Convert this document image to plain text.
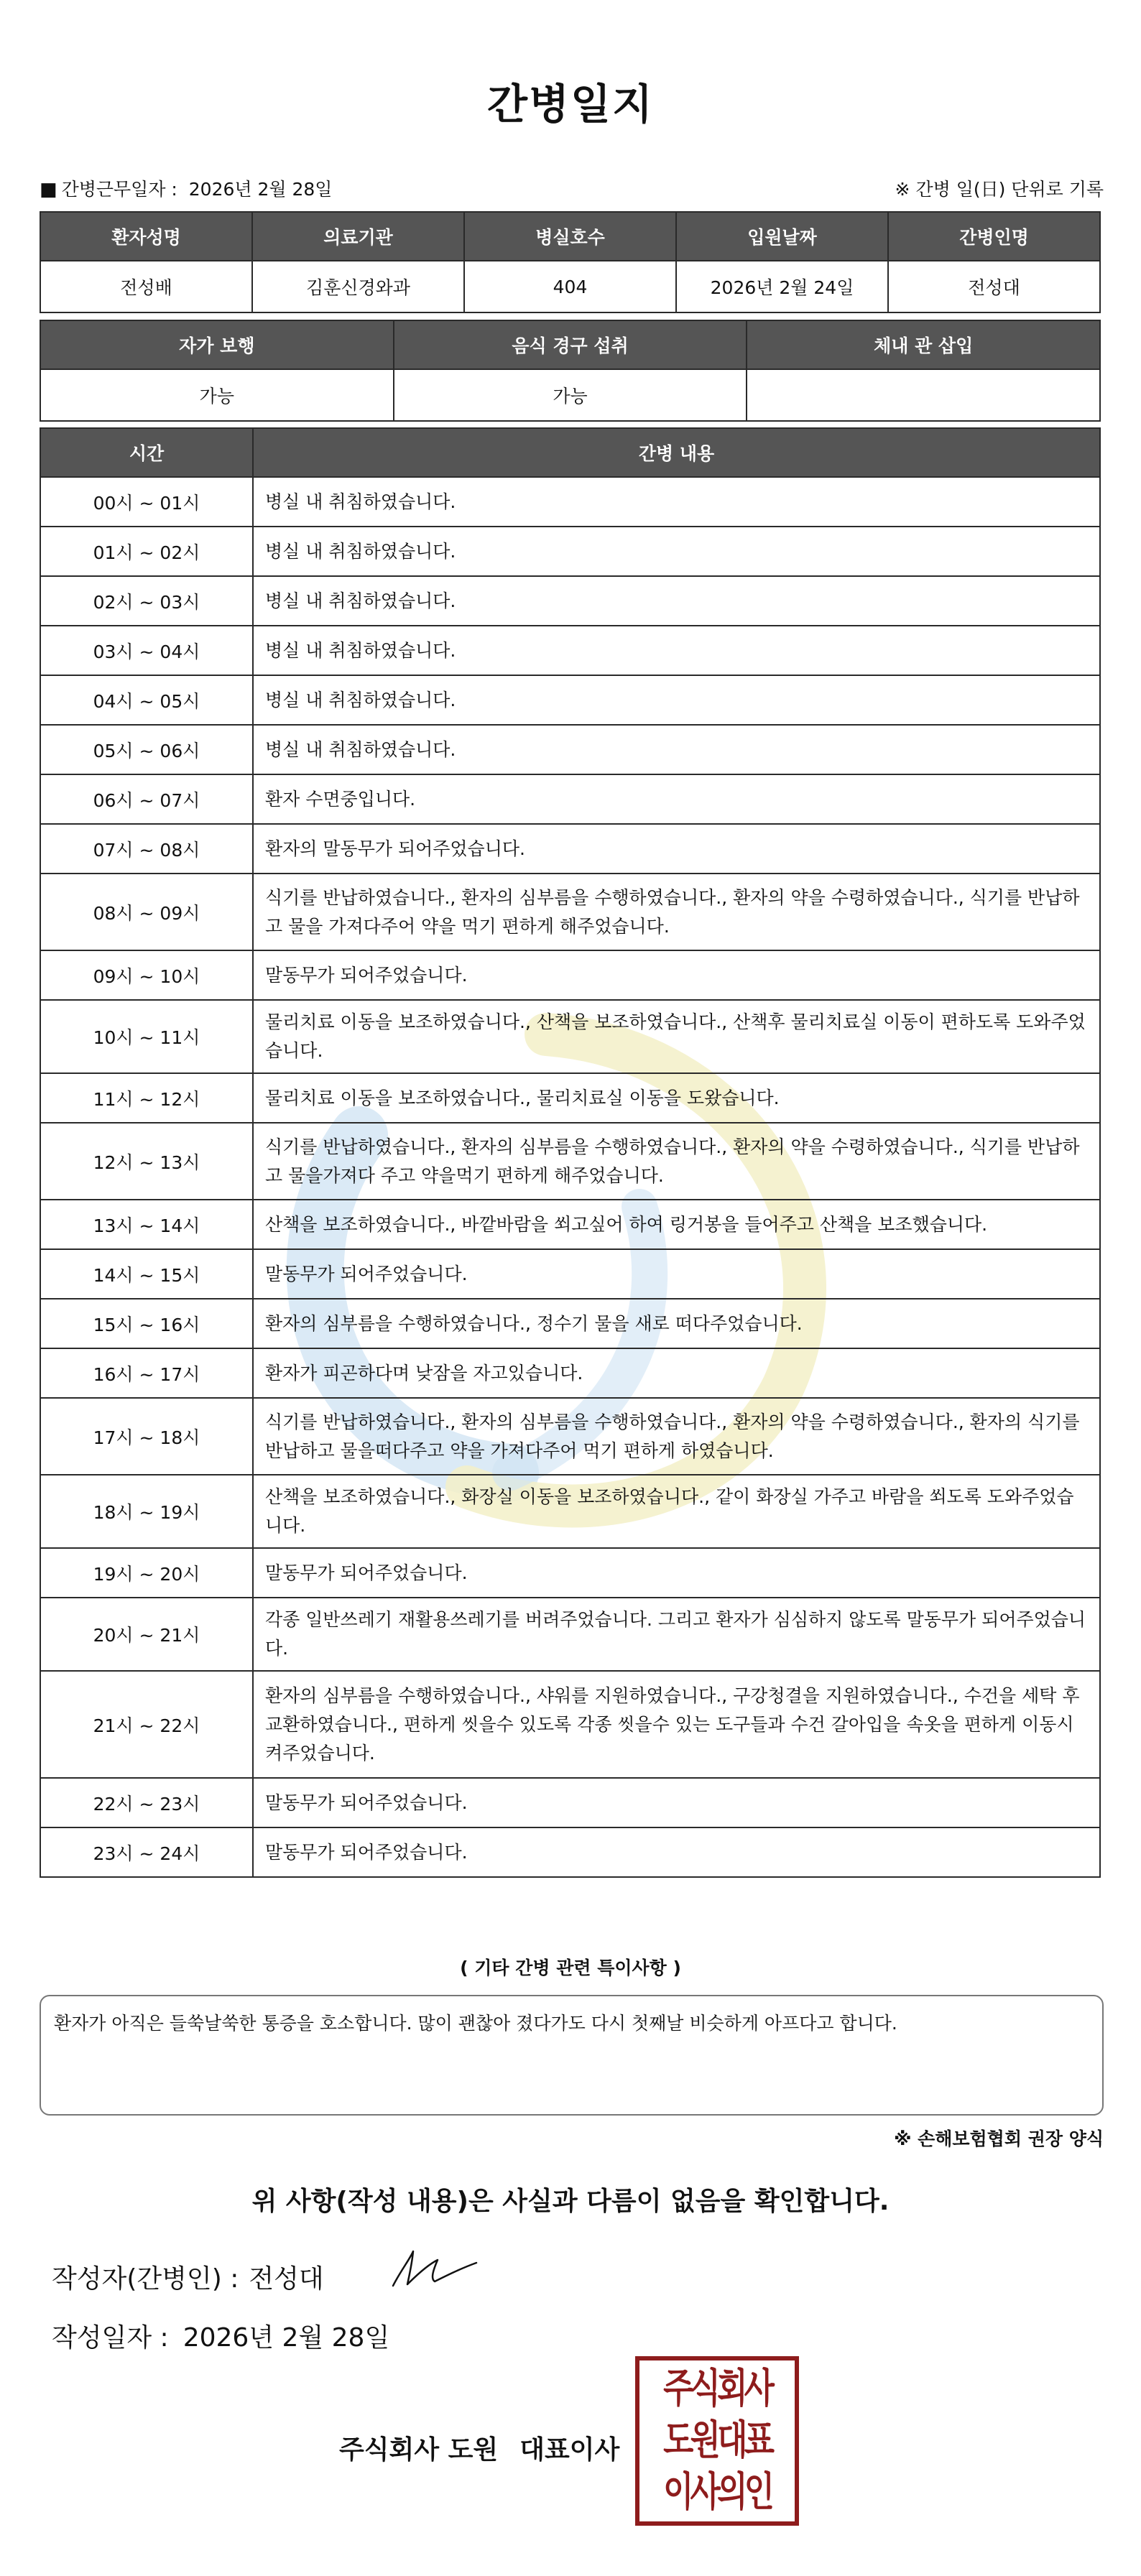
간병일지
■ 간병근무일자 : 2026년 2월 28일	※ 간병 일(日) 단위로 기록
환자성명	의료기관	병실호수	입원날짜	간병인명
전성배	김훈신경와과	404	2026년 2월 24일	전성대
자가 보행	음식 경구 섭취	체내 관 삽입
가능	가능	
시간	간병 내용
00시 ~ 01시	병실 내 취침하였습니다.
01시 ~ 02시	병실 내 취침하였습니다.
02시 ~ 03시	병실 내 취침하였습니다.
03시 ~ 04시	병실 내 취침하였습니다.
04시 ~ 05시	병실 내 취침하였습니다.
05시 ~ 06시	병실 내 취침하였습니다.
06시 ~ 07시	환자 수면중입니다.
07시 ~ 08시	환자의 말동무가 되어주었습니다.
08시 ~ 09시	식기를 반납하였습니다., 환자의 심부름을 수행하였습니다., 환자의 약을 수령하였습니다., 식기를 반납하고 물을 가져다주어 약을 먹기 편하게 해주었습니다.
09시 ~ 10시	말동무가 되어주었습니다.
10시 ~ 11시	물리치료 이동을 보조하였습니다., 산책을 보조하였습니다., 산책후 물리치료실 이동이 편하도록 도와주었습니다.
11시 ~ 12시	물리치료 이동을 보조하였습니다., 물리치료실 이동을 도왔습니다.
12시 ~ 13시	식기를 반납하였습니다., 환자의 심부름을 수행하였습니다., 환자의 약을 수령하였습니다., 식기를 반납하고 물을가져다 주고 약을먹기 편하게 해주었습니다.
13시 ~ 14시	산책을 보조하였습니다., 바깥바람을 쐬고싶어 하여 링거봉을 들어주고 산책을 보조했습니다.
14시 ~ 15시	말동무가 되어주었습니다.
15시 ~ 16시	환자의 심부름을 수행하였습니다., 정수기 물을 새로 떠다주었습니다.
16시 ~ 17시	환자가 피곤하다며 낮잠을 자고있습니다.
17시 ~ 18시	식기를 반납하였습니다., 환자의 심부름을 수행하였습니다., 환자의 약을 수령하였습니다., 환자의 식기를 반납하고 물을떠다주고 약을 가져다주어 먹기 편하게 하였습니다.
18시 ~ 19시	산책을 보조하였습니다., 화장실 이동을 보조하였습니다., 같이 화장실 가주고 바람을 쐬도록 도와주었습니다.
19시 ~ 20시	말동무가 되어주었습니다.
20시 ~ 21시	각종 일반쓰레기 재활용쓰레기를 버려주었습니다. 그리고 환자가 심심하지 않도록 말동무가 되어주었습니다.
21시 ~ 22시	환자의 심부름을 수행하였습니다., 샤워를 지원하였습니다., 구강청결을 지원하였습니다., 수건을 세탁 후 교환하였습니다., 편하게 씻을수 있도록 각종 씻을수 있는 도구들과 수건 갈아입을 속옷을 편하게 이동시켜주었습니다.
22시 ~ 23시	말동무가 되어주었습니다.
23시 ~ 24시	말동무가 되어주었습니다.
( 기타 간병 관련 특이사항 )
환자가 아직은 들쑥날쑥한 통증을 호소합니다. 많이 괜찮아 졌다가도 다시 첫째날 비슷하게 아프다고 합니다.
※ 손해보험협회 권장 양식
위 사항(작성 내용)은 사실과 다름이 없음을 확인합니다.
작성자(간병인) : 전성대
작성일자 : 2026년 2월 28일
주식회사 도원 대표이사
주식회사
도원대표
이사의인
